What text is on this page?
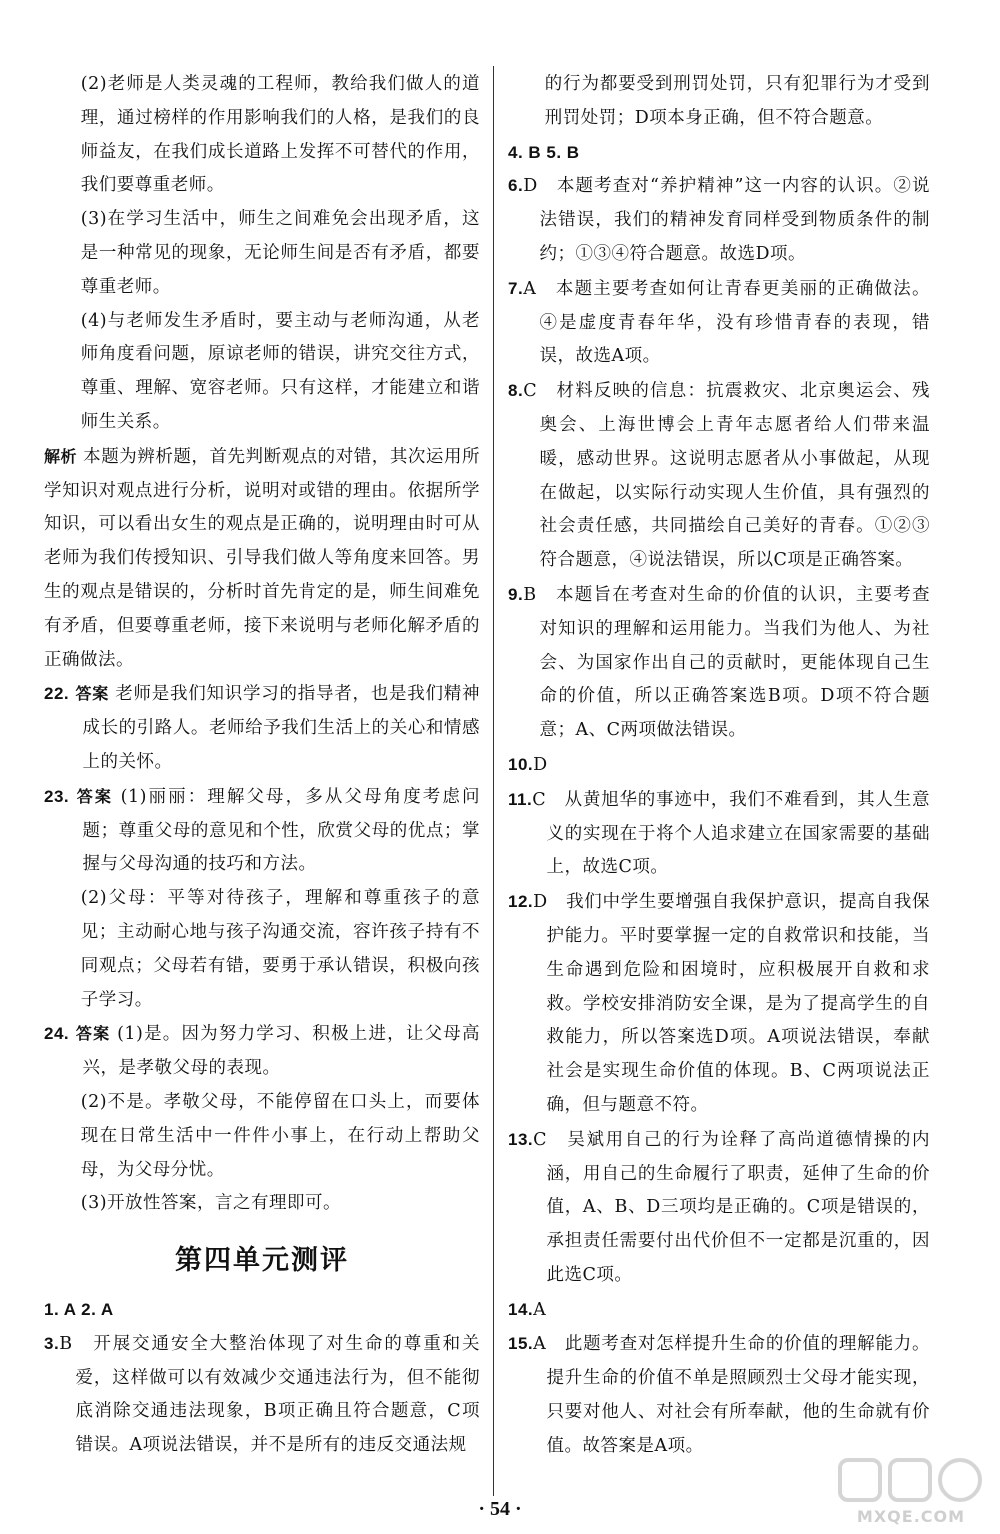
(2)老师是人类灵魂的工程师，教给我们做人的道理，通过榜样的作用影响我们的人格，是我们的良师益友，在我们成长道路上发挥不可替代的作用，我们要尊重老师。

(3)在学习生活中，师生之间难免会出现矛盾，这是一种常见的现象，无论师生间是否有矛盾，都要尊重老师。

(4)与老师发生矛盾时，要主动与老师沟通，从老师角度看问题，原谅老师的错误，讲究交往方式，尊重、理解、宽容老师。只有这样，才能建立和谐师生关系。

解析 本题为辨析题，首先判断观点的对错，其次运用所学知识对观点进行分析，说明对或错的理由。依据所学知识，可以看出女生的观点是正确的，说明理由时可从老师为我们传授知识、引导我们做人等角度来回答。男生的观点是错误的，分析时首先肯定的是，师生间难免有矛盾，但要尊重老师，接下来说明与老师化解矛盾的正确做法。

22. 答案 老师是我们知识学习的指导者，也是我们精神成长的引路人。老师给予我们生活上的关心和情感上的关怀。

23. 答案 (1)丽丽：理解父母，多从父母角度考虑问题；尊重父母的意见和个性，欣赏父母的优点；掌握与父母沟通的技巧和方法。

(2)父母：平等对待孩子，理解和尊重孩子的意见；主动耐心地与孩子沟通交流，容许孩子持有不同观点；父母若有错，要勇于承认错误，积极向孩子学习。

24. 答案 (1)是。因为努力学习、积极上进，让父母高兴，是孝敬父母的表现。

(2)不是。孝敬父母，不能停留在口头上，而要体现在日常生活中一件件小事上，在行动上帮助父母，为父母分忧。

(3)开放性答案，言之有理即可。

第四单元测评

1. A 2. A

3.B　开展交通安全大整治体现了对生命的尊重和关爱，这样做可以有效减少交通违法行为，但不能彻底消除交通违法现象，B项正确且符合题意，C项错误。A项说法错误，并不是所有的违反交通法规

的行为都要受到刑罚处罚，只有犯罪行为才受到刑罚处罚；D项本身正确，但不符合题意。

4. B 5. B

6.D　本题考查对“养护精神”这一内容的认识。②说法错误，我们的精神发育同样受到物质条件的制约；①③④符合题意。故选D项。

7.A　本题主要考查如何让青春更美丽的正确做法。④是虚度青春年华，没有珍惜青春的表现，错误，故选A项。

8.C　材料反映的信息：抗震救灾、北京奥运会、残奥会、上海世博会上青年志愿者给人们带来温暖，感动世界。这说明志愿者从小事做起，从现在做起，以实际行动实现人生价值，具有强烈的社会责任感，共同描绘自己美好的青春。①②③符合题意，④说法错误，所以C项是正确答案。

9.B　本题旨在考查对生命的价值的认识，主要考查对知识的理解和运用能力。当我们为他人、为社会、为国家作出自己的贡献时，更能体现自己生命的价值，所以正确答案选B项。D项不符合题意；A、C两项做法错误。

10.D

11.C　从黄旭华的事迹中，我们不难看到，其人生意义的实现在于将个人追求建立在国家需要的基础上，故选C项。

12.D　我们中学生要增强自我保护意识，提高自我保护能力。平时要掌握一定的自救常识和技能，当生命遇到危险和困境时，应积极展开自救和求救。学校安排消防安全课，是为了提高学生的自救能力，所以答案选D项。A项说法错误，奉献社会是实现生命价值的体现。B、C两项说法正确，但与题意不符。

13.C　吴斌用自己的行为诠释了高尚道德情操的内涵，用自己的生命履行了职责，延伸了生命的价值，A、B、D三项均是正确的。C项是错误的，承担责任需要付出代价但不一定都是沉重的，因此选C项。

14.A

15.A　此题考查对怎样提升生命的价值的理解能力。提升生命的价值不单是照顾烈士父母才能实现，只要对他人、对社会有所奉献，他的生命就有价值。故答案是A项。

· 54 ·	MXQE.COM
